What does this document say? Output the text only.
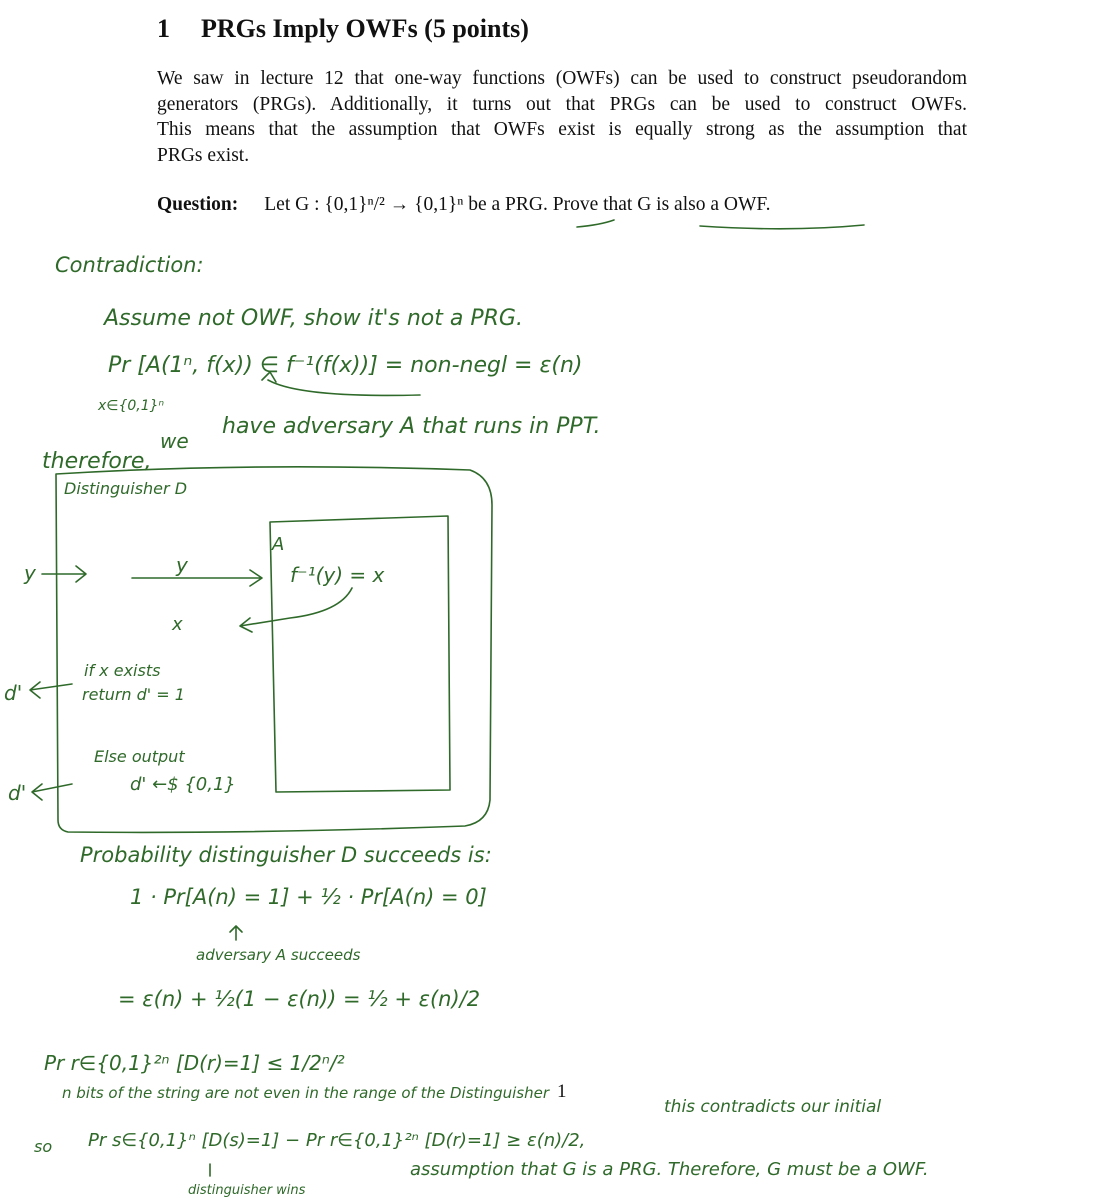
1 PRGs Imply OWFs (5 points)
We saw in lecture 12 that one-way functions (OWFs) can be used to construct pseudorandom
generators (PRGs). Additionally, it turns out that PRGs can be used to construct OWFs.
This means that the assumption that OWFs exist is equally strong as the assumption that
PRGs exist.
Question: Let G : {0,1}ⁿ/² → {0,1}ⁿ be a PRG. Prove that G is also a OWF.
1
Contradiction:
Assume not OWF, show it's not a PRG.
Pr [A(1ⁿ, f(x)) ∈ f⁻¹(f(x))] = non-negl = ε(n)
x∈{0,1}ⁿ
therefore,
we
have adversary A that runs in PPT.
Distinguisher D
A
y	y	f⁻¹(y) = x
x
d'
if x exists
return d' = 1
d'
Else output
d' ←$ {0,1}
Probability distinguisher D succeeds is:
1 · Pr[A(n) = 1] + ½ · Pr[A(n) = 0]
adversary A succeeds
= ε(n) + ½(1 − ε(n)) = ½ + ε(n)/2
Pr r∈{0,1}²ⁿ [D(r)=1] ≤ 1/2ⁿ/²
n bits of the string are not even in the range of the Distinguisher
so Pr s∈{0,1}ⁿ [D(s)=1] − Pr r∈{0,1}²ⁿ [D(r)=1] ≥ ε(n)/2,
this contradicts our initial
assumption that G is a PRG. Therefore, G must be a OWF.
distinguisher wins
